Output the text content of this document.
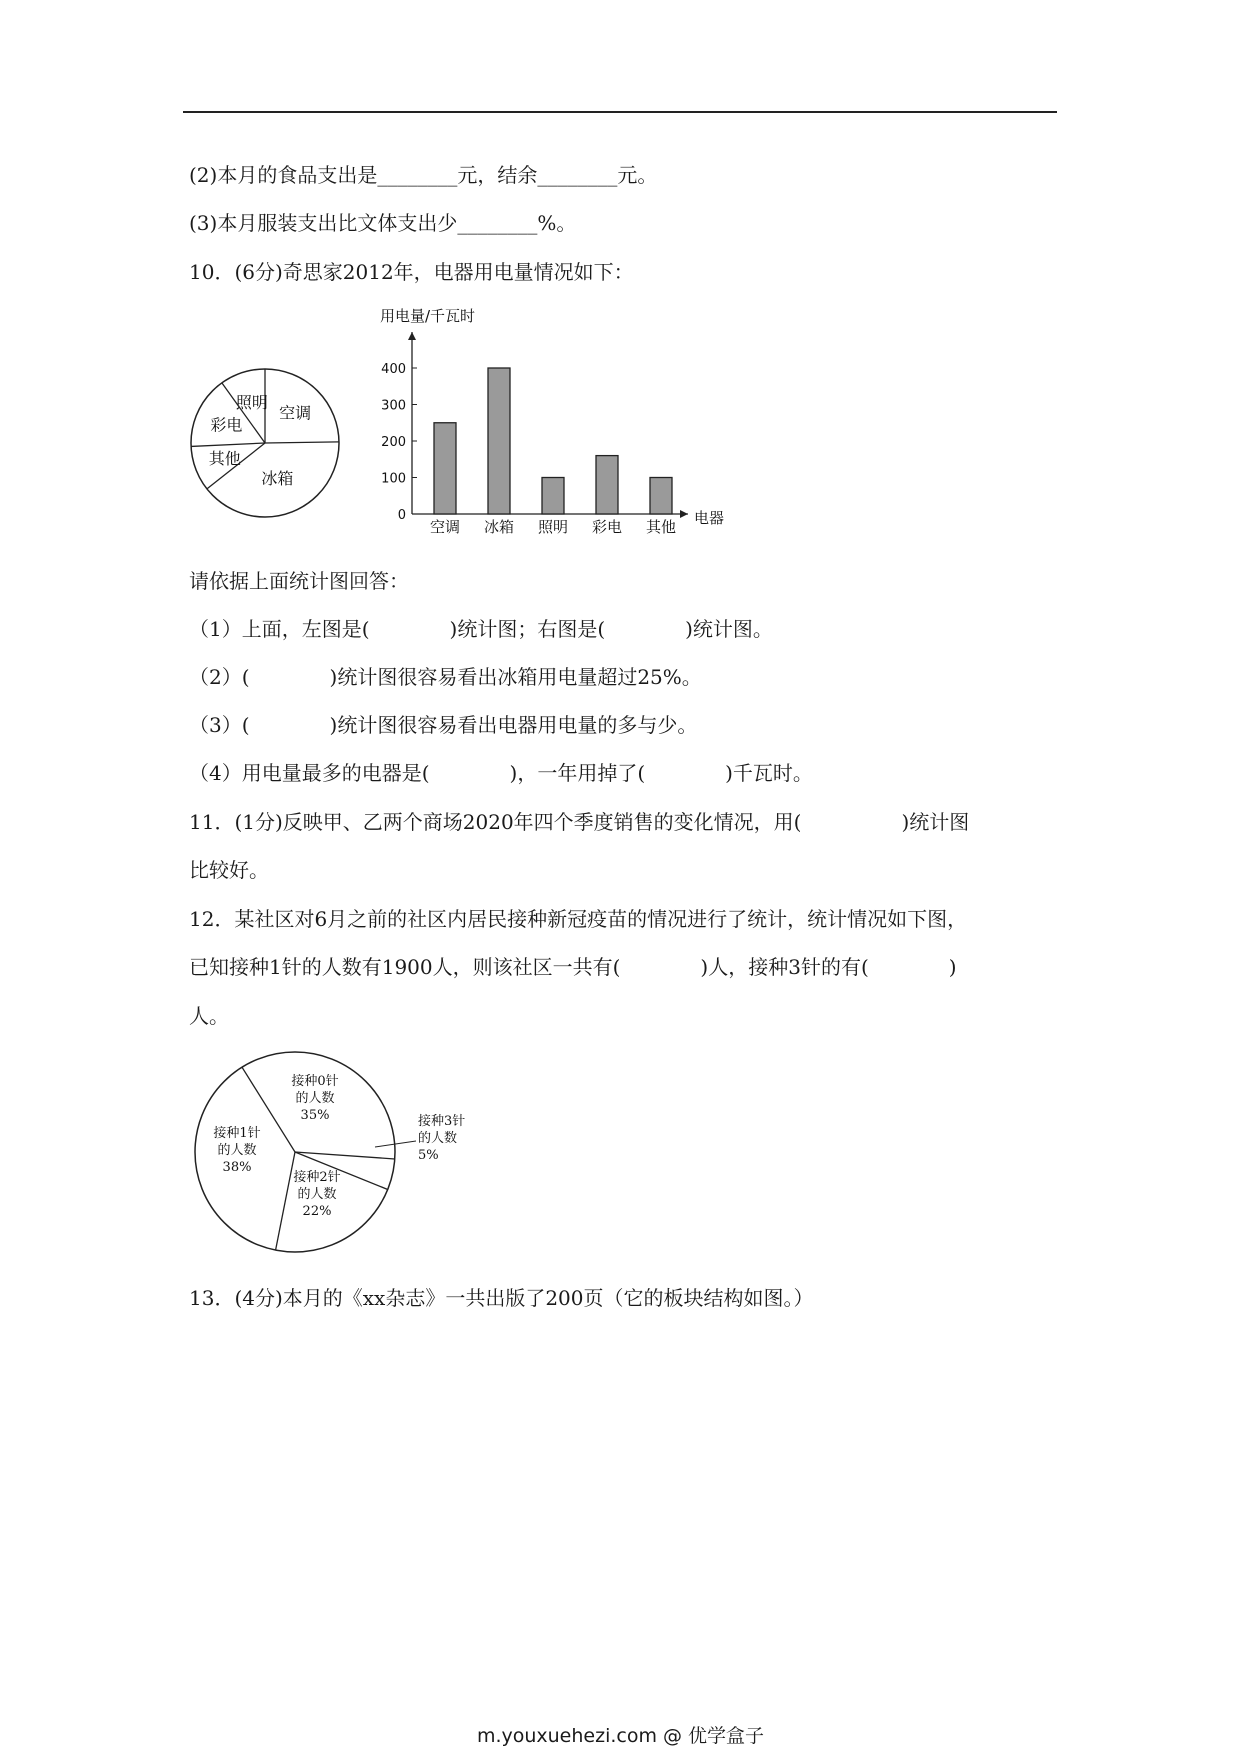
(2)本月的食品支出是________元，结余________元。
(3)本月服装支出比文体支出少________%。
10．(6分)奇思家2012年，电器用电量情况如下：
空调
冰箱
其他
彩电
照明
0
100
200
300
400
空调 冰箱 照明 彩电 其他
用电量/千瓦时
电器
请依据上面统计图回答：
（1）上面，左图是(　　　　)统计图；右图是(　　　　)统计图。
（2）(　　　　)统计图很容易看出冰箱用电量超过25%。
（3）(　　　　)统计图很容易看出电器用电量的多与少。
（4）用电量最多的电器是(　　　　)，一年用掉了(　　　　)千瓦时。
11．(1分)反映甲、乙两个商场2020年四个季度销售的变化情况，用(　　　　　)统计图
比较好。
12．某社区对6月之前的社区内居民接种新冠疫苗的情况进行了统计，统计情况如下图，
已知接种1针的人数有1900人，则该社区一共有(　　　　)人，接种3针的有(　　　　)
人。
接种0针
的人数
35%	接种3针
的人数
5%
接种2针
的人数
22%
接种1针
的人数
38%
13．(4分)本月的《xx杂志》一共出版了200页（它的板块结构如图。）
m.youxuehezi.com @ 优学盒子
